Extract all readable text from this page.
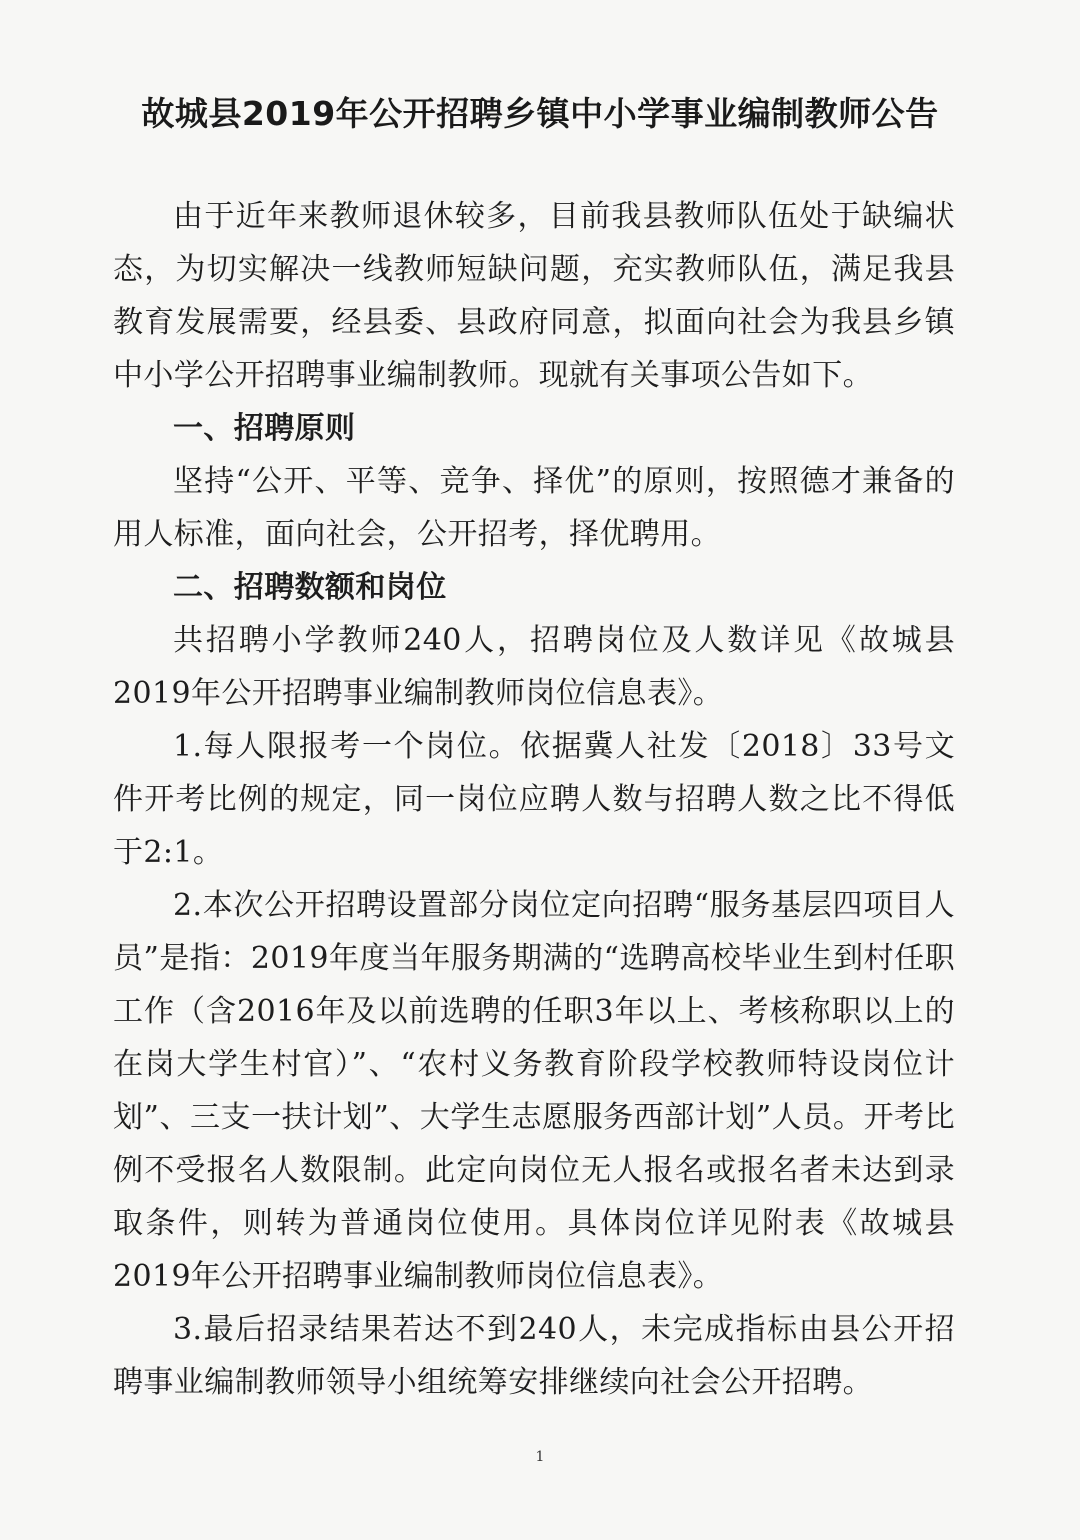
故城县2019年公开招聘乡镇中小学事业编制教师公告

由于近年来教师退休较多，目前我县教师队伍处于缺编状态，为切实解决一线教师短缺问题，充实教师队伍，满足我县教育发展需要，经县委、县政府同意，拟面向社会为我县乡镇中小学公开招聘事业编制教师。现就有关事项公告如下。

一、招聘原则

坚持“公开、平等、竞争、择优”的原则，按照德才兼备的用人标准，面向社会，公开招考，择优聘用。

二、招聘数额和岗位

共招聘小学教师240人，招聘岗位及人数详见《故城县2019年公开招聘事业编制教师岗位信息表》。

1.每人限报考一个岗位。依据冀人社发〔2018〕33号文件开考比例的规定，同一岗位应聘人数与招聘人数之比不得低于2:1。

2.本次公开招聘设置部分岗位定向招聘“服务基层四项目人员”是指：2019年度当年服务期满的“选聘高校毕业生到村任职工作（含2016年及以前选聘的任职3年以上、考核称职以上的在岗大学生村官）”、“农村义务教育阶段学校教师特设岗位计划”、三支一扶计划”、大学生志愿服务西部计划”人员。开考比例不受报名人数限制。此定向岗位无人报名或报名者未达到录取条件，则转为普通岗位使用。具体岗位详见附表《故城县2019年公开招聘事业编制教师岗位信息表》。

3.最后招录结果若达不到240人，未完成指标由县公开招聘事业编制教师领导小组统筹安排继续向社会公开招聘。

1
